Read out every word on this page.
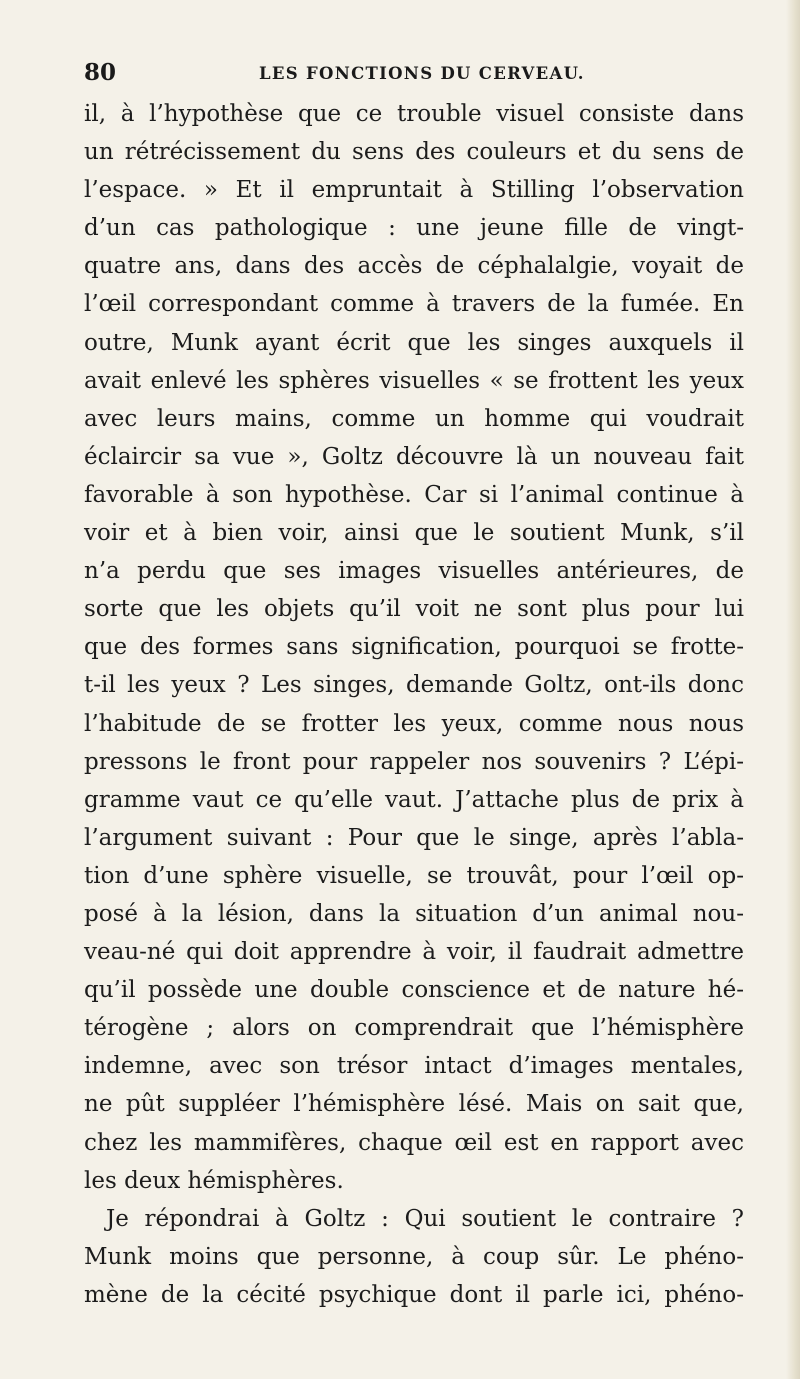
80	LES FONCTIONS DU CERVEAU.
il, à l’hypothèse que ce trouble visuel consiste dans
un rétrécissement du sens des couleurs et du sens de
l’espace. » Et il empruntait à Stilling l’observation
d’un cas pathologique : une jeune fille de vingt-
quatre ans, dans des accès de céphalalgie, voyait de
l’œil correspondant comme à travers de la fumée. En
outre, Munk ayant écrit que les singes auxquels il
avait enlevé les sphères visuelles « se frottent les yeux
avec leurs mains, comme un homme qui voudrait
éclaircir sa vue », Goltz découvre là un nouveau fait
favorable à son hypothèse. Car si l’animal continue à
voir et à bien voir, ainsi que le soutient Munk, s’il
n’a perdu que ses images visuelles antérieures, de
sorte que les objets qu’il voit ne sont plus pour lui
que des formes sans signification, pourquoi se frotte-
t-il les yeux ? Les singes, demande Goltz, ont-ils donc
l’habitude de se frotter les yeux, comme nous nous
pressons le front pour rappeler nos souvenirs ? L’épi-
gramme vaut ce qu’elle vaut. J’attache plus de prix à
l’argument suivant : Pour que le singe, après l’abla-
tion d’une sphère visuelle, se trouvât, pour l’œil op-
posé à la lésion, dans la situation d’un animal nou-
veau-né qui doit apprendre à voir, il faudrait admettre
qu’il possède une double conscience et de nature hé-
térogène ; alors on comprendrait que l’hémisphère
indemne, avec son trésor intact d’images mentales,
ne pût suppléer l’hémisphère lésé. Mais on sait que,
chez les mammifères, chaque œil est en rapport avec
les deux hémisphères.
Je répondrai à Goltz : Qui soutient le contraire ?
Munk moins que personne, à coup sûr. Le phéno-
mène de la cécité psychique dont il parle ici, phéno-
